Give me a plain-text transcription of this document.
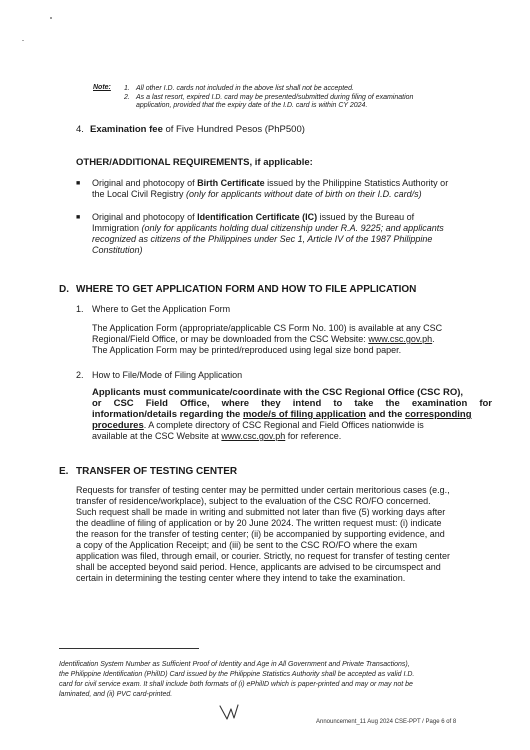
Note: 1. All other I.D. cards not included in the above list shall not be accepted.
2. As a last resort, expired I.D. card may be presented/submitted during filing of examination
application, provided that the expiry date of the I.D. card is within CY 2024.
4. Examination fee of Five Hundred Pesos (PhP500)
OTHER/ADDITIONAL REQUIREMENTS, if applicable:
■ Original and photocopy of Birth Certificate issued by the Philippine Statistics Authority or
the Local Civil Registry (only for applicants without date of birth on their I.D. card/s)
■ Original and photocopy of Identification Certificate (IC) issued by the Bureau of
Immigration (only for applicants holding dual citizenship under R.A. 9225; and applicants
recognized as citizens of the Philippines under Sec 1, Article IV of the 1987 Philippine
Constitution)
D. WHERE TO GET APPLICATION FORM AND HOW TO FILE APPLICATION
1. Where to Get the Application Form
The Application Form (appropriate/applicable CS Form No. 100) is available at any CSC
Regional/Field Office, or may be downloaded from the CSC Website: www.csc.gov.ph.
The Application Form may be printed/reproduced using legal size bond paper.
2. How to File/Mode of Filing Application
Applicants must communicate/coordinate with the CSC Regional Office (CSC RO),
or CSC Field Office, where they intend to take the examination for
information/details regarding the mode/s of filing application and the corresponding
procedures. A complete directory of CSC Regional and Field Offices nationwide is
available at the CSC Website at www.csc.gov.ph for reference.
E. TRANSFER OF TESTING CENTER
Requests for transfer of testing center may be permitted under certain meritorious cases (e.g.,
transfer of residence/workplace), subject to the evaluation of the CSC RO/FO concerned.
Such request shall be made in writing and submitted not later than five (5) working days after
the deadline of filing of application or by 20 June 2024. The written request must: (i) indicate
the reason for the transfer of testing center; (ii) be accompanied by supporting evidence, and
a copy of the Application Receipt; and (iii) be sent to the CSC RO/FO where the exam
application was filed, through email, or courier. Strictly, no request for transfer of testing center
shall be accepted beyond said period. Hence, applicants are advised to be circumspect and
certain in determining the testing center where they intend to take the examination.
Identification System Number as Sufficient Proof of Identity and Age in All Government and Private Transactions),
the Philippine Identification (PhilID) Card issued by the Philippine Statistics Authority shall be accepted as valid I.D.
card for civil service exam. It shall include both formats of (i) ePhilID which is paper-printed and may or may not be
laminated, and (ii) PVC card-printed.
Announcement_11 Aug 2024 CSE-PPT / Page 6 of 8
